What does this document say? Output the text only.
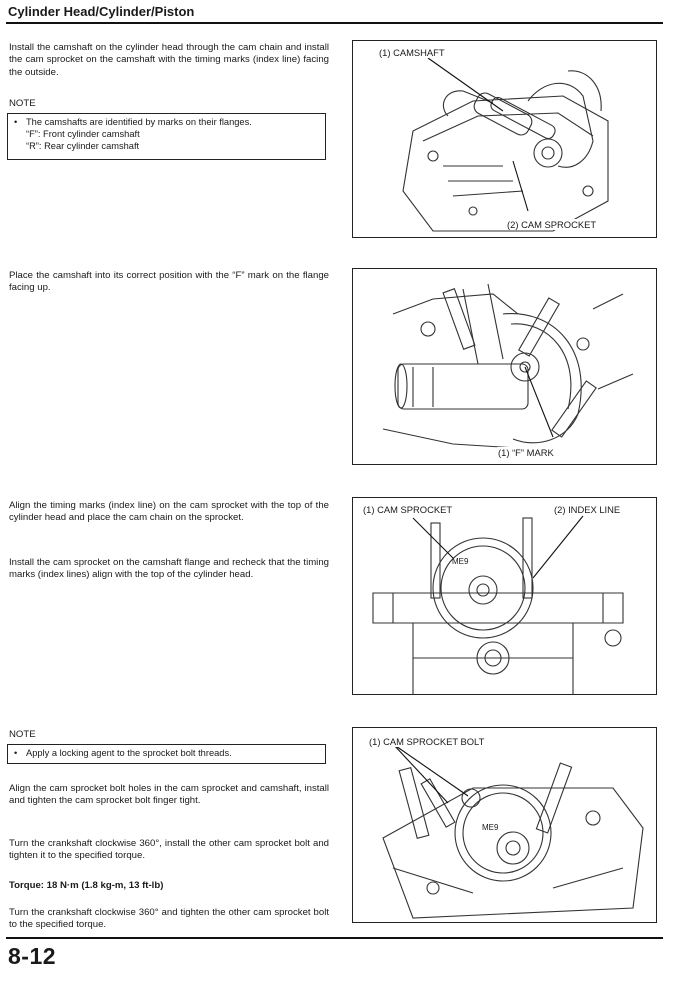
Cylinder Head/Cylinder/Piston
Install the camshaft on the cylinder head through the cam chain and install the cam sprocket on the camshaft with the timing marks (index line) facing the outside.
NOTE
• The camshafts are identified by marks on their flanges.
“F”: Front cylinder camshaft
“R”: Rear cylinder camshaft
(1) CAMSHAFT
(2) CAM SPROCKET
Place the camshaft into its correct position with the “F” mark on the flange facing up.
(1) “F” MARK
Align the timing marks (index line) on the cam sprocket with the top of the cylinder head and place the cam chain on the sprocket.
Install the cam sprocket on the camshaft flange and recheck that the timing marks (index lines) align with the top of the cylinder head.
ME9
(1) CAM SPROCKET	(2) INDEX LINE
NOTE
• Apply a locking agent to the sprocket bolt threads.
Align the cam sprocket bolt holes in the cam sprocket and camshaft, install and tighten the cam sprocket bolt finger tight.
Turn the crankshaft clockwise 360°, install the other cam sprocket bolt and tighten it to the specified torque.
Torque: 18 N·m (1.8 kg-m, 13 ft-lb)
Turn the crankshaft clockwise 360° and tighten the other cam sprocket bolt to the specified torque.
ME9
(1) CAM SPROCKET BOLT
8-12
